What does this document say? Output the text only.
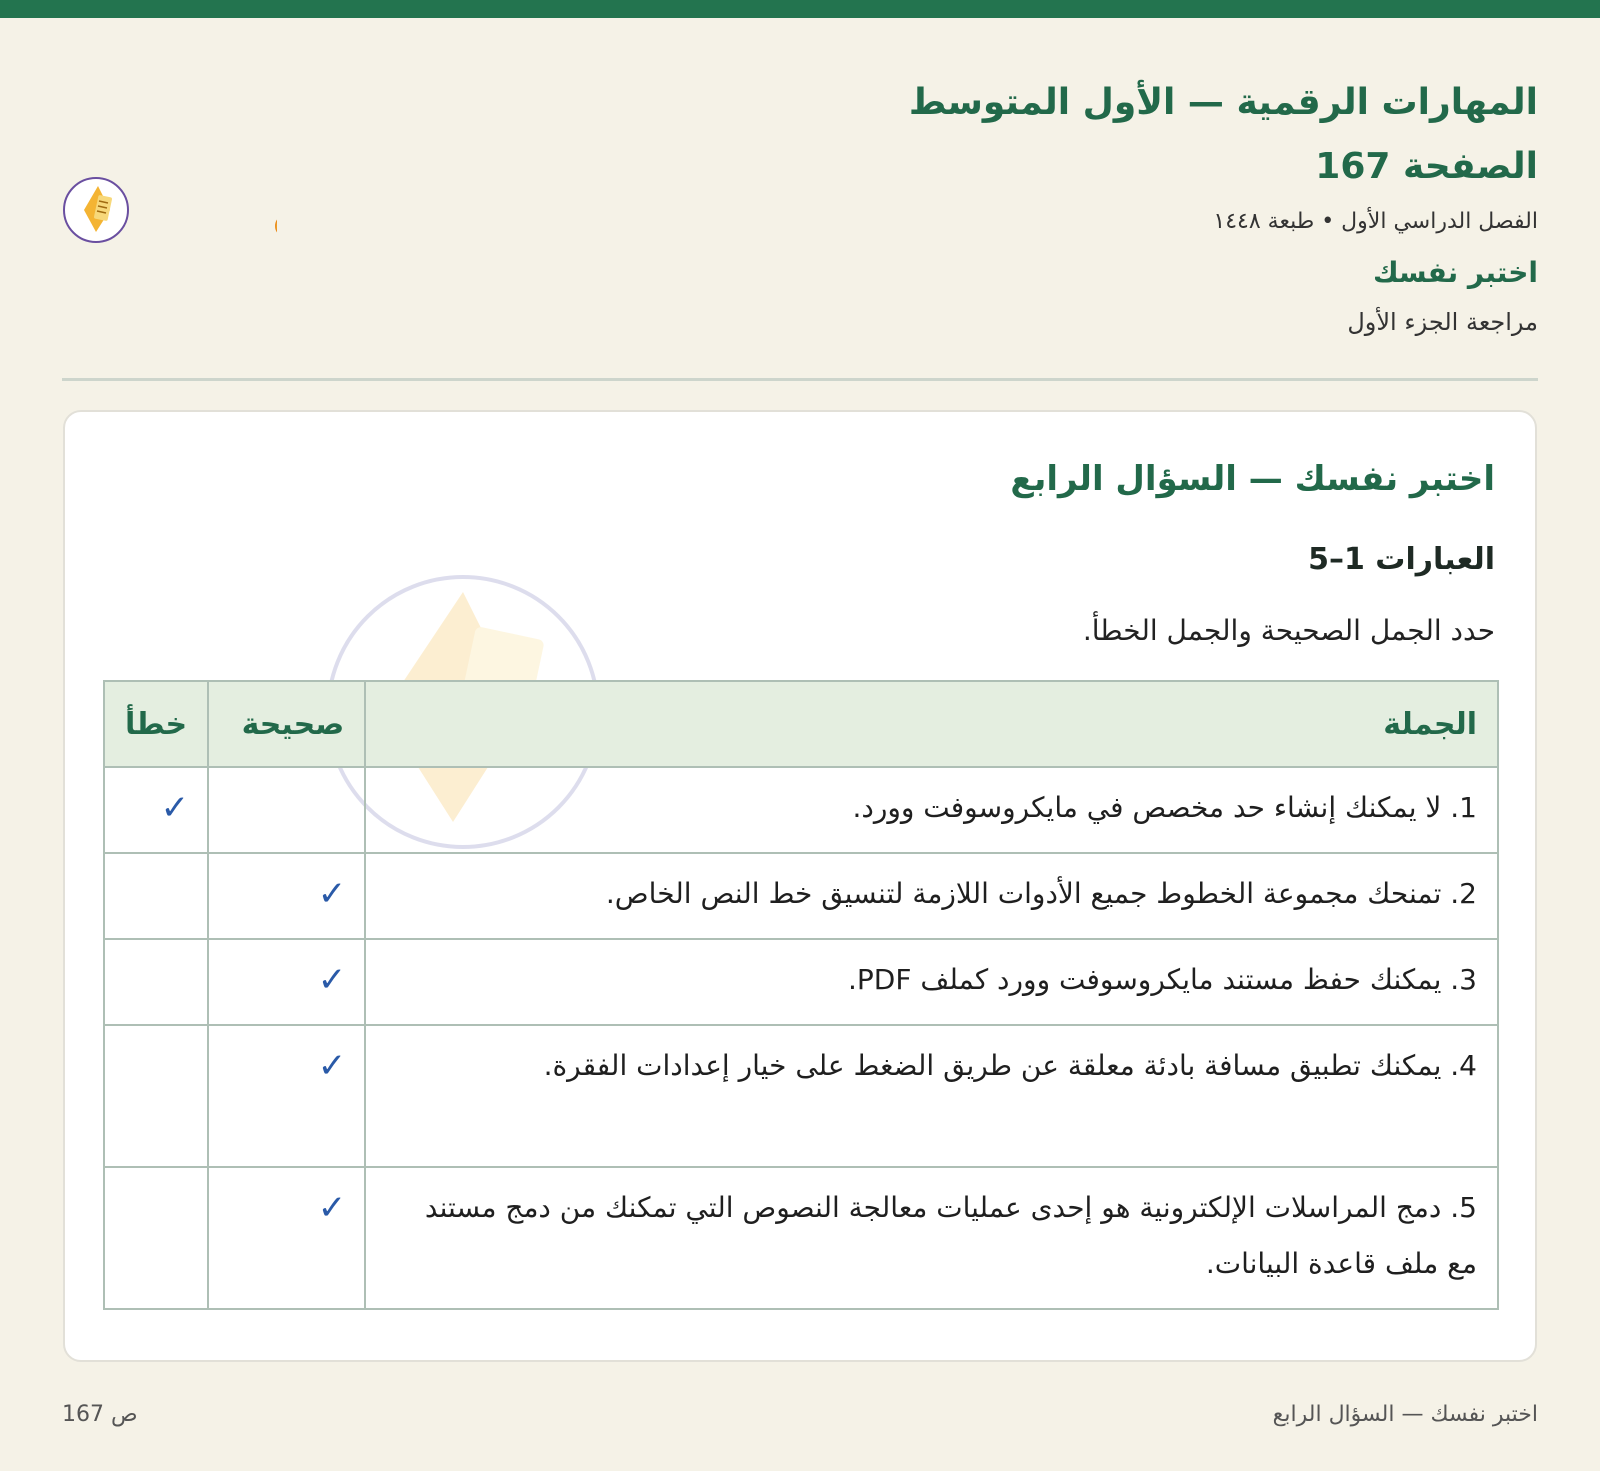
المهارات الرقمية — الأول المتوسط
الصفحة 167
الفصل الدراسي الأول • طبعة ١٤٤٨
اختبر نفسك
مراجعة الجزء الأول
اختبر نفسك — السؤال الرابع
العبارات 1–5
حدد الجمل الصحيحة والجمل الخطأ.
الجملة	صحيحة	خطأ
1. لا يمكنك إنشاء حد مخصص في مايكروسوفت وورد.		✓
2. تمنحك مجموعة الخطوط جميع الأدوات اللازمة لتنسيق خط النص الخاص.	✓	
3. يمكنك حفظ مستند مايكروسوفت وورد كملف PDF.	✓	
4. يمكنك تطبيق مسافة بادئة معلقة عن طريق الضغط على خيار إعدادات الفقرة.	✓	
5. دمج المراسلات الإلكترونية هو إحدى عمليات معالجة النصوص التي تمكنك من دمج مستند مع ملف قاعدة البيانات.	✓	
ص 167	اختبر نفسك — السؤال الرابع
